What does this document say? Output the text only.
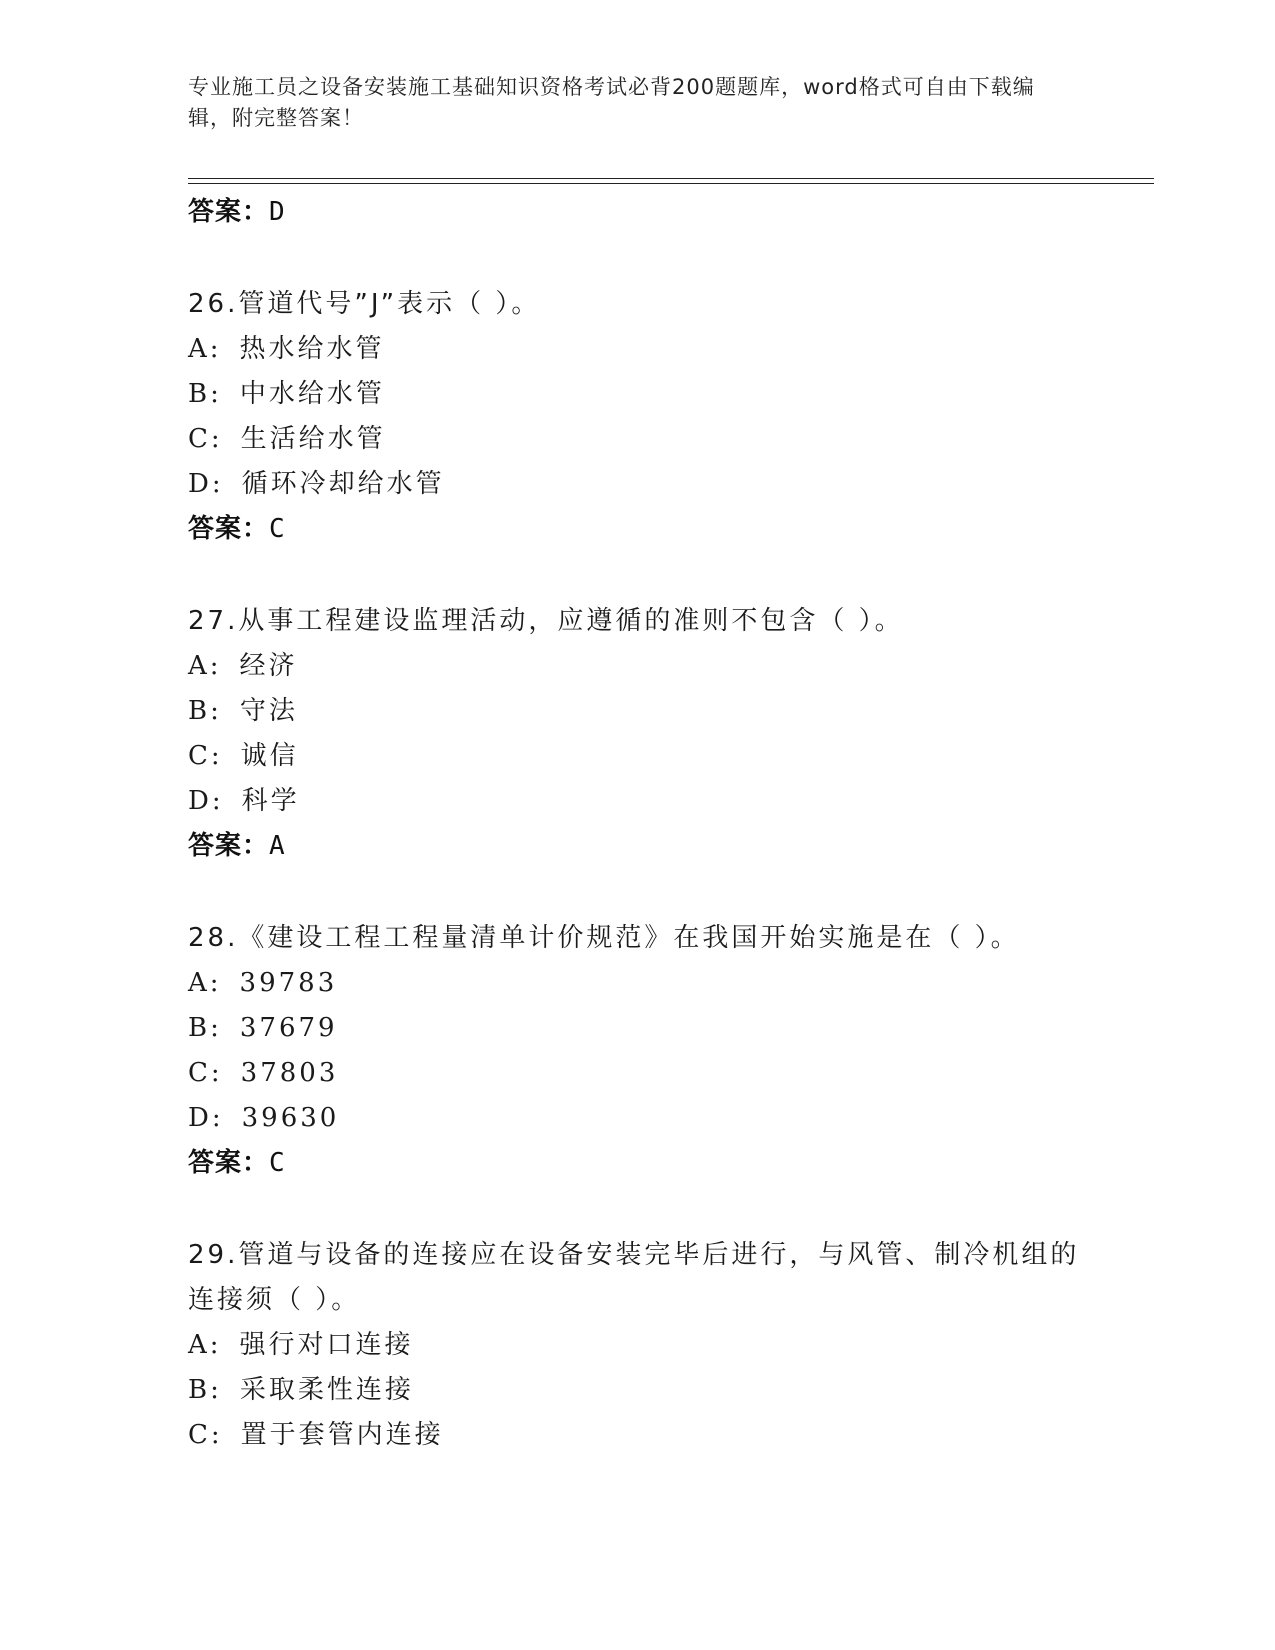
专业施工员之设备安装施工基础知识资格考试必背200题题库，word格式可自由下载编辑，附完整答案！
答案：D
26.管道代号”J”表示（ ）。
A: 热水给水管
B: 中水给水管
C: 生活给水管
D: 循环冷却给水管
答案：C
27.从事工程建设监理活动，应遵循的准则不包含（ ）。
A: 经济
B: 守法
C: 诚信
D: 科学
答案：A
28.《建设工程工程量清单计价规范》在我国开始实施是在（ ）。
A: 39783
B: 37679
C: 37803
D: 39630
答案：C
29.管道与设备的连接应在设备安装完毕后进行，与风管、制冷机组的连接须（ ）。
A: 强行对口连接
B: 采取柔性连接
C: 置于套管内连接
